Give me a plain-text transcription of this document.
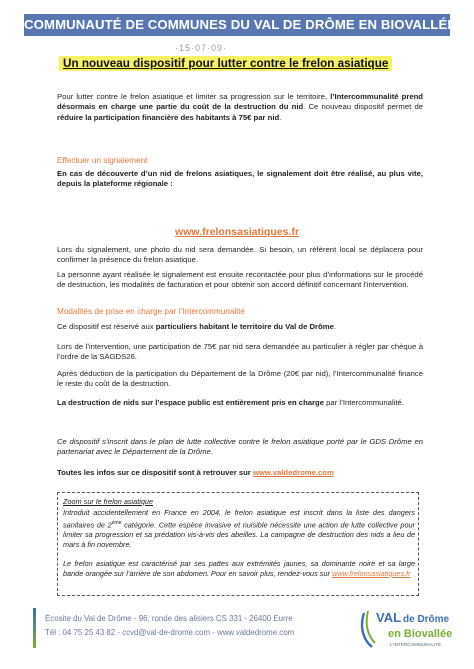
COMMUNAUTÉ DE COMMUNES DU VAL DE DRÔME EN BIOVALLÉE
·15·07·09·
Un nouveau dispositif pour lutter contre le frelon asiatique

Pour lutter contre le frelon asiatique et limiter sa progression sur le territoire, l’Intercommunalité prend désormais en charge une partie du coût de la destruction du nid. Ce nouveau dispositif permet de réduire la participation financière des habitants à 75€ par nid.

Effectuer un signalement

En cas de découverte d’un nid de frelons asiatiques, le signalement doit être réalisé, au plus vite, depuis la plateforme régionale :

www.frelonsasiatiques.fr

Lors du signalement, une photo du nid sera demandée. Si besoin, un référent local se déplacera pour confirmer la présence du frelon asiatique.

La personne ayant réalisée le signalement est ensuite recontactée pour plus d’informations sur le procédé de destruction, les modalités de facturation et pour obtenir son accord définitif concernant l’intervention.

Modalités de prise en charge par l’Intercommunalité

Ce dispositif est réservé aux particuliers habitant le territoire du Val de Drôme.

Lors de l’intervention, une participation de 75€ par nid sera demandée au particulier à régler par chèque à l’ordre de la SAGDS26.

Après déduction de la participation du Département de la Drôme (20€ par nid), l’Intercommunalité finance le reste du coût de la destruction.

La destruction de nids sur l’espace public est entièrement pris en charge par l’Intercommunalité.

Ce dispositif s’inscrit dans le plan de lutte collective contre le frelon asiatique porté par le GDS Drôme en partenariat avec le Département de la Drôme.

Toutes les infos sur ce dispositif sont à retrouver sur www.valdedrome.com

Zoom sur le frelon asiatique

Introduit accidentellement en France en 2004, le frelon asiatique est inscrit dans la liste des dangers sanitaires de 2ème catégorie. Cette espèce invasive et nuisible nécessite une action de lutte collective pour limiter sa progression et sa prédation vis-à-vis des abeilles. La campagne de destruction des nids a lieu de mars à fin novembre.

Le frelon asiatique est caractérisé par ses pattes aux extrémités jaunes, sa dominante noire et sa large bande orangée sur l’arrière de son abdomen. Pour en savoir plus, rendez-vous sur www.frelonsasiatiques.fr

Écosite du Val de Drôme - 96, ronde des alisiers CS 331 - 26400 Eurre
Tél : 04 75 25 43 82 - ccvd@val-de-drome.com - www.valdedrome.com
VAL de Drôme
en Biovallée
L’INTERCOMMUNALITÉ
